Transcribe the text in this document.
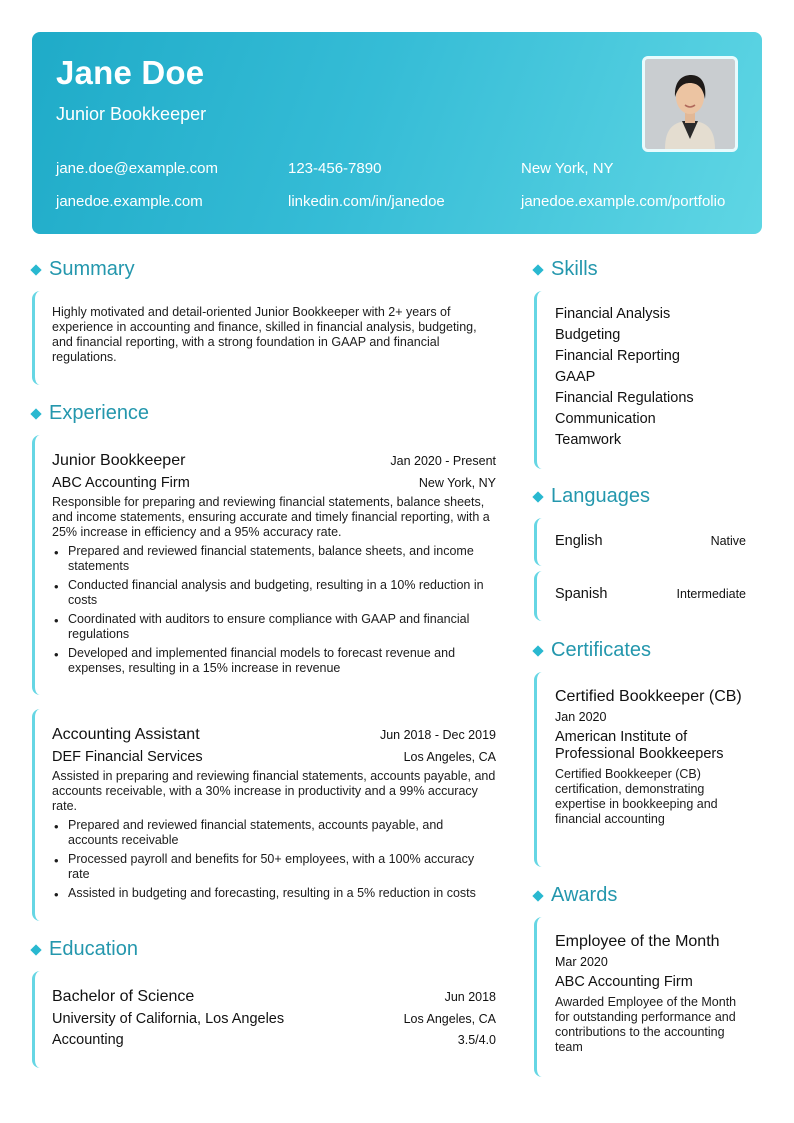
Jane Doe
Junior Bookkeeper
jane.doe@example.com	123-456-7890	New York, NY
janedoe.example.com	linkedin.com/in/janedoe	janedoe.example.com/portfolio
Summary
Highly motivated and detail-oriented Junior Bookkeeper with 2+ years of experience in accounting and finance, skilled in financial analysis, budgeting, and financial reporting, with a strong foundation in GAAP and financial regulations.
Experience
Junior Bookkeeper	Jan 2020 - Present
ABC Accounting Firm	New York, NY
Responsible for preparing and reviewing financial statements, balance sheets, and income statements, ensuring accurate and timely financial reporting, with a 25% increase in efficiency and a 95% accuracy rate.
• Prepared and reviewed financial statements, balance sheets, and income statements
• Conducted financial analysis and budgeting, resulting in a 10% reduction in costs
• Coordinated with auditors to ensure compliance with GAAP and financial regulations
• Developed and implemented financial models to forecast revenue and expenses, resulting in a 15% increase in revenue
Accounting Assistant	Jun 2018 - Dec 2019
DEF Financial Services	Los Angeles, CA
Assisted in preparing and reviewing financial statements, accounts payable, and accounts receivable, with a 30% increase in productivity and a 99% accuracy rate.
• Prepared and reviewed financial statements, accounts payable, and accounts receivable
• Processed payroll and benefits for 50+ employees, with a 100% accuracy rate
• Assisted in budgeting and forecasting, resulting in a 5% reduction in costs
Education
Bachelor of Science	Jun 2018
University of California, Los Angeles	Los Angeles, CA
Accounting	3.5/4.0
Skills
Financial Analysis
Budgeting
Financial Reporting
GAAP
Financial Regulations
Communication
Teamwork
Languages
English	Native
Spanish	Intermediate
Certificates
Certified Bookkeeper (CB)
Jan 2020
American Institute of Professional Bookkeepers
Certified Bookkeeper (CB) certification, demonstrating expertise in bookkeeping and financial accounting
Awards
Employee of the Month
Mar 2020
ABC Accounting Firm
Awarded Employee of the Month for outstanding performance and contributions to the accounting team
